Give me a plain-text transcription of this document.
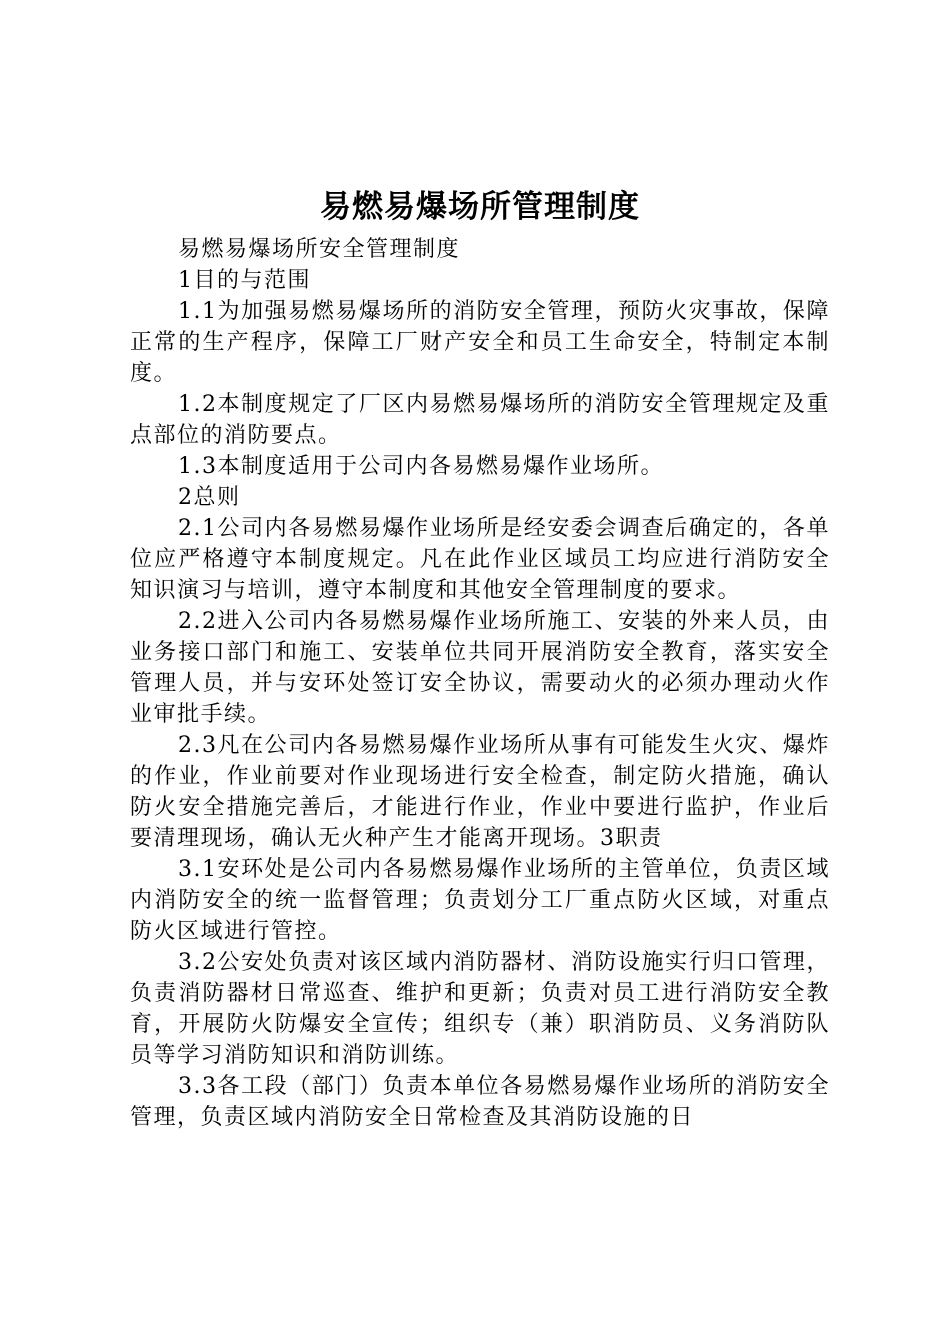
易燃易爆场所管理制度

易燃易爆场所安全管理制度

1目的与范围

1.1为加强易燃易爆场所的消防安全管理，预防火灾事故，保障正常的生产程序，保障工厂财产安全和员工生命安全，特制定本制度。

1.2本制度规定了厂区内易燃易爆场所的消防安全管理规定及重点部位的消防要点。

1.3本制度适用于公司内各易燃易爆作业场所。

2总则

2.1公司内各易燃易爆作业场所是经安委会调查后确定的，各单位应严格遵守本制度规定。凡在此作业区域员工均应进行消防安全知识演习与培训，遵守本制度和其他安全管理制度的要求。

2.2进入公司内各易燃易爆作业场所施工、安装的外来人员，由业务接口部门和施工、安装单位共同开展消防安全教育，落实安全管理人员，并与安环处签订安全协议，需要动火的必须办理动火作业审批手续。

2.3凡在公司内各易燃易爆作业场所从事有可能发生火灾、爆炸的作业，作业前要对作业现场进行安全检查，制定防火措施，确认防火安全措施完善后，才能进行作业，作业中要进行监护，作业后要清理现场，确认无火种产生才能离开现场。3职责

3.1安环处是公司内各易燃易爆作业场所的主管单位，负责区域内消防安全的统一监督管理；负责划分工厂重点防火区域，对重点防火区域进行管控。

3.2公安处负责对该区域内消防器材、消防设施实行归口管理，负责消防器材日常巡查、维护和更新；负责对员工进行消防安全教育，开展防火防爆安全宣传；组织专（兼）职消防员、义务消防队员等学习消防知识和消防训练。

3.3各工段（部门）负责本单位各易燃易爆作业场所的消防安全管理，负责区域内消防安全日常检查及其消防设施的日
